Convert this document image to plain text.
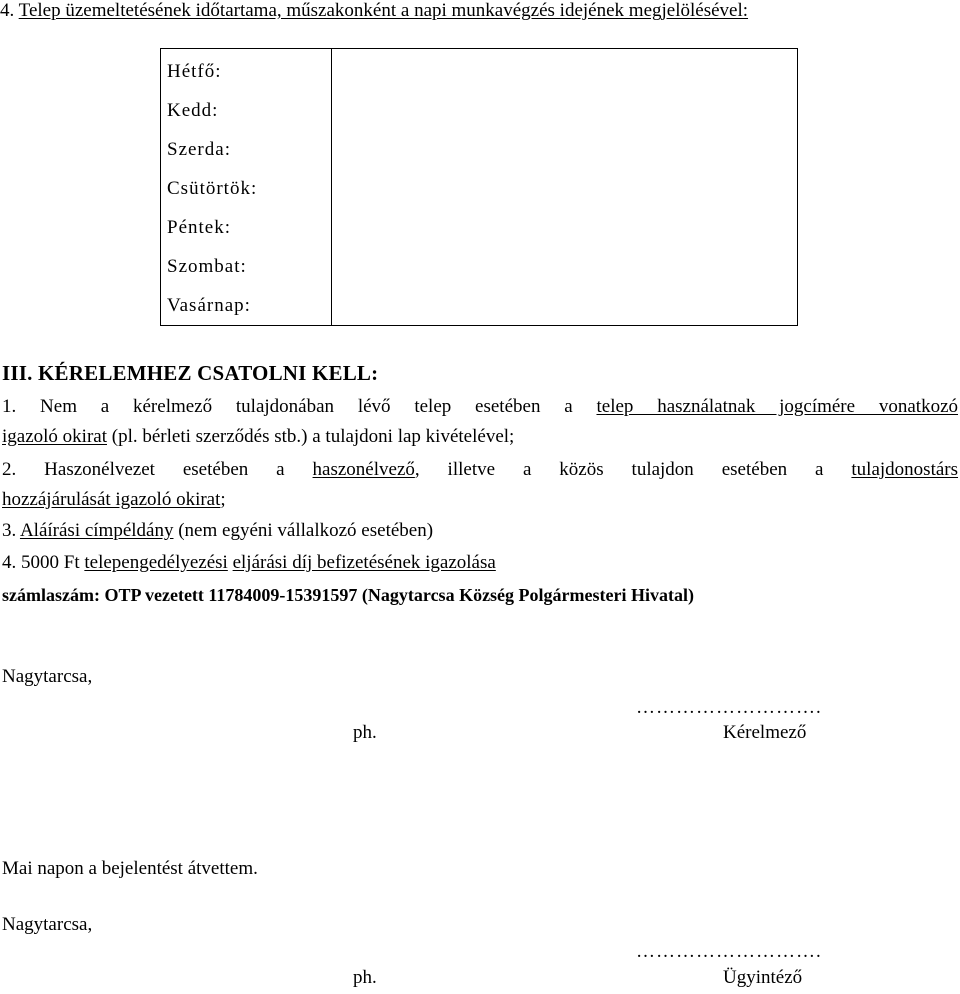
4. Telep üzemeltetésének időtartama, műszakonként a napi munkavégzés idejének megjelölésével:
Hétfő:
Kedd:
Szerda:
Csütörtök:
Péntek:
Szombat:
Vasárnap:

III. KÉRELEMHEZ CSATOLNI KELL:
1. Nem a kérelmező tulajdonában lévő telep esetében a telep használatnak jogcímére vonatkozó
igazoló okirat (pl. bérleti szerződés stb.) a tulajdoni lap kivételével;
2. Haszonélvezet esetében a haszonélvező, illetve a közös tulajdon esetében a tulajdonostárs
hozzájárulását igazoló okirat;
3. Aláírási címpéldány (nem egyéni vállalkozó esetében)
4. 5000 Ft telepengedélyezési eljárási díj befizetésének igazolása
számlaszám: OTP vezetett 11784009-15391597 (Nagytarcsa Község Polgármesteri Hivatal)
Nagytarcsa,
……………………….
ph.	Kérelmező
Mai napon a bejelentést átvettem.
Nagytarcsa,
……………………….
ph.	Ügyintéző
